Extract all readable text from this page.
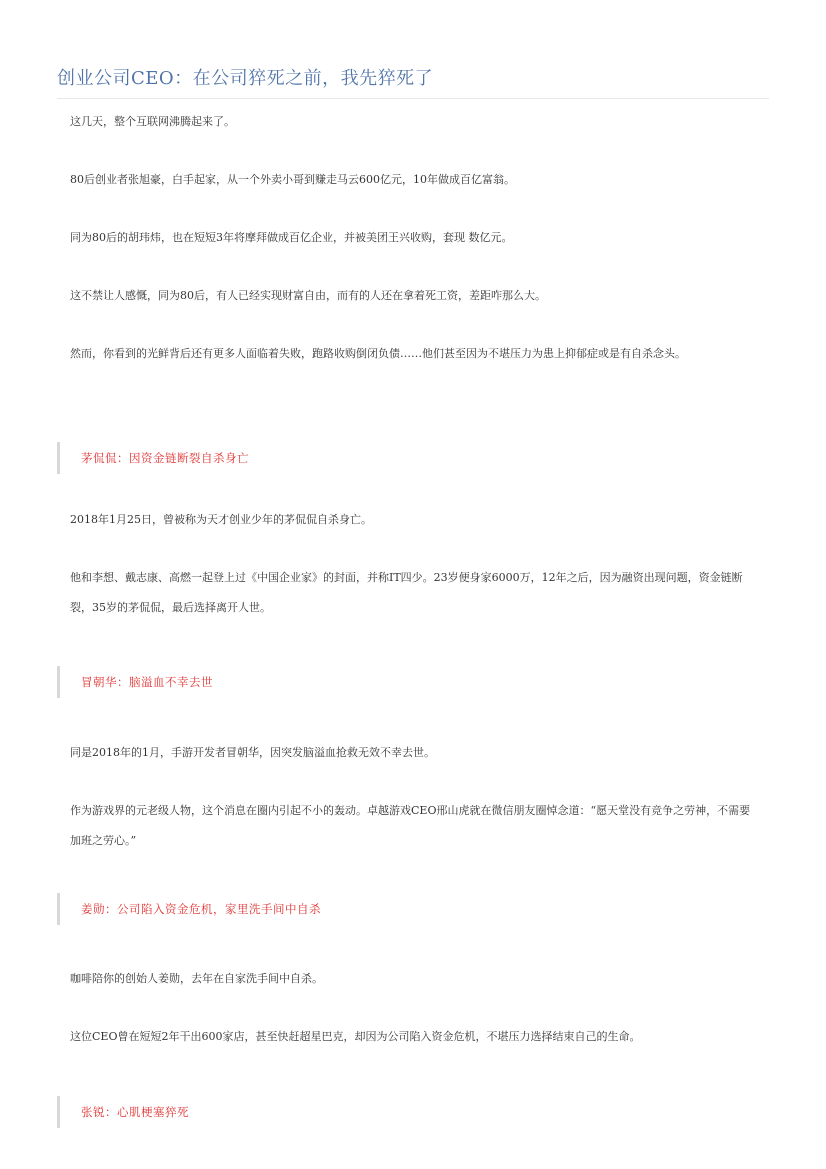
创业公司CEO：在公司猝死之前，我先猝死了

这几天，整个互联网沸腾起来了。

80后创业者张旭豪，白手起家，从一个外卖小哥到赚走马云600亿元，10年做成百亿富翁。

同为80后的胡玮炜，也在短短3年将摩拜做成百亿企业，并被美团王兴收购，套现 数亿元。

这不禁让人感慨，同为80后，有人已经实现财富自由，而有的人还在拿着死工资，差距咋那么大。

然而，你看到的光鲜背后还有更多人面临着失败，跑路收购倒闭负债……他们甚至因为不堪压力为患上抑郁症或是有自杀念头。

茅侃侃：因资金链断裂自杀身亡

2018年1月25日，曾被称为天才创业少年的茅侃侃自杀身亡。

他和李想、戴志康、高燃一起登上过《中国企业家》的封面，并称IT四少。23岁便身家6000万，12年之后，因为融资出现问题，资金链断裂，35岁的茅侃侃，最后选择离开人世。

冒朝华：脑溢血不幸去世

同是2018年的1月，手游开发者冒朝华，因突发脑溢血抢救无效不幸去世。

作为游戏界的元老级人物，这个消息在圈内引起不小的轰动。卓越游戏CEO邢山虎就在微信朋友圈悼念道：“愿天堂没有竞争之劳神，不需要加班之劳心。”

姜勋：公司陷入资金危机，家里洗手间中自杀

咖啡陪你的创始人姜勋，去年在自家洗手间中自杀。

这位CEO曾在短短2年干出600家店，甚至快赶超星巴克，却因为公司陷入资金危机，不堪压力选择结束自己的生命。

张锐：心肌梗塞猝死
